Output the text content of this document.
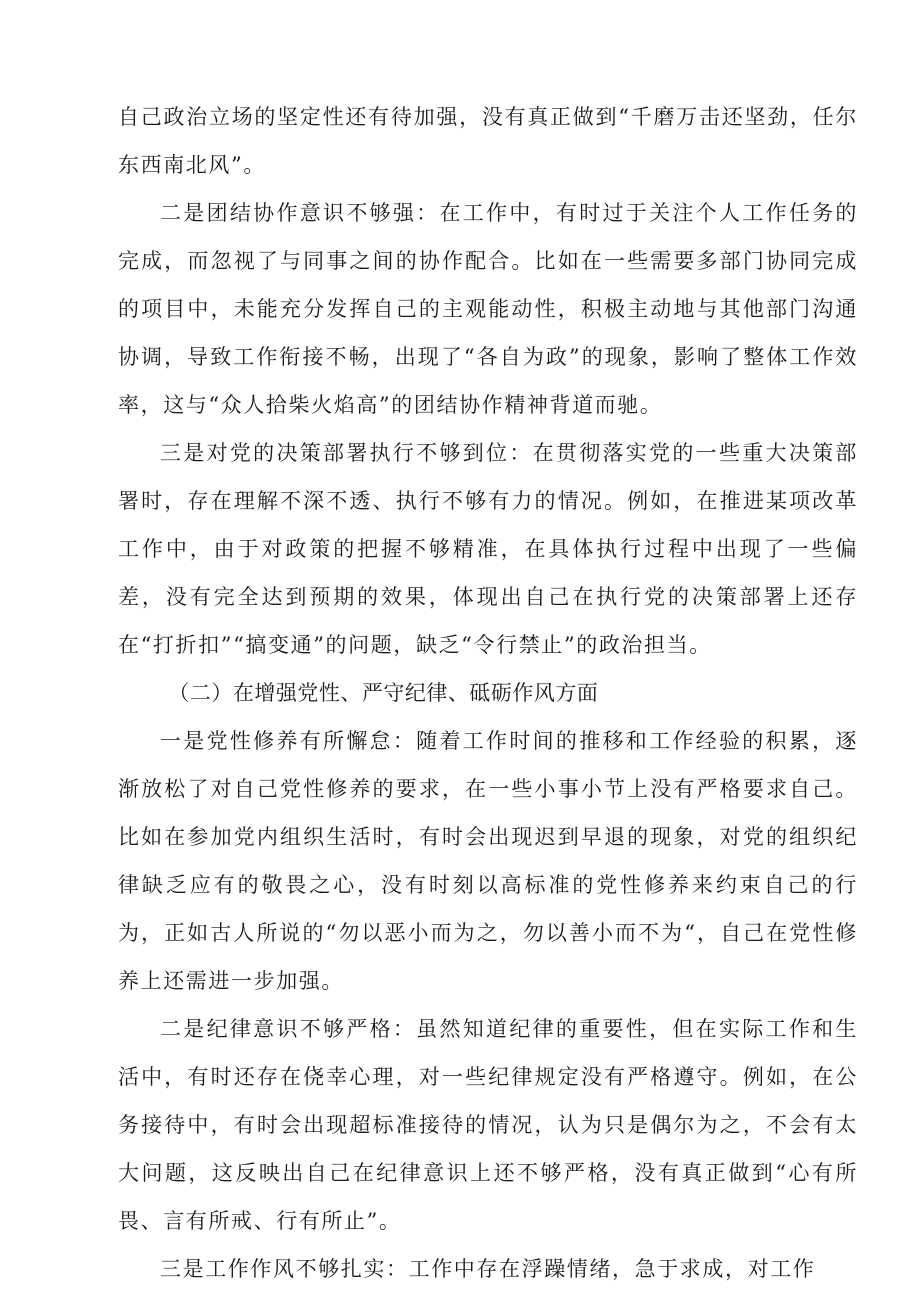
自己政治立场的坚定性还有待加强，没有真正做到“千磨万击还坚劲，任尔东西南北风”。

二是团结协作意识不够强：在工作中，有时过于关注个人工作任务的完成，而忽视了与同事之间的协作配合。比如在一些需要多部门协同完成的项目中，未能充分发挥自己的主观能动性，积极主动地与其他部门沟通协调，导致工作衔接不畅，出现了“各自为政”的现象，影响了整体工作效率，这与“众人拾柴火焰高”的团结协作精神背道而驰。

三是对党的决策部署执行不够到位：在贯彻落实党的一些重大决策部署时，存在理解不深不透、执行不够有力的情况。例如，在推进某项改革工作中，由于对政策的把握不够精准，在具体执行过程中出现了一些偏差，没有完全达到预期的效果，体现出自己在执行党的决策部署上还存在“打折扣”“搞变通”的问题，缺乏“令行禁止”的政治担当。

（二）在增强党性、严守纪律、砥砺作风方面

一是党性修养有所懈怠：随着工作时间的推移和工作经验的积累，逐渐放松了对自己党性修养的要求，在一些小事小节上没有严格要求自己。比如在参加党内组织生活时，有时会出现迟到早退的现象，对党的组织纪律缺乏应有的敬畏之心，没有时刻以高标准的党性修养来约束自己的行为，正如古人所说的“勿以恶小而为之，勿以善小而不为“，自己在党性修养上还需进一步加强。

二是纪律意识不够严格：虽然知道纪律的重要性，但在实际工作和生活中，有时还存在侥幸心理，对一些纪律规定没有严格遵守。例如，在公务接待中，有时会出现超标准接待的情况，认为只是偶尔为之，不会有太大问题，这反映出自己在纪律意识上还不够严格，没有真正做到“心有所畏、言有所戒、行有所止”。

三是工作作风不够扎实：工作中存在浮躁情绪，急于求成，对工作
